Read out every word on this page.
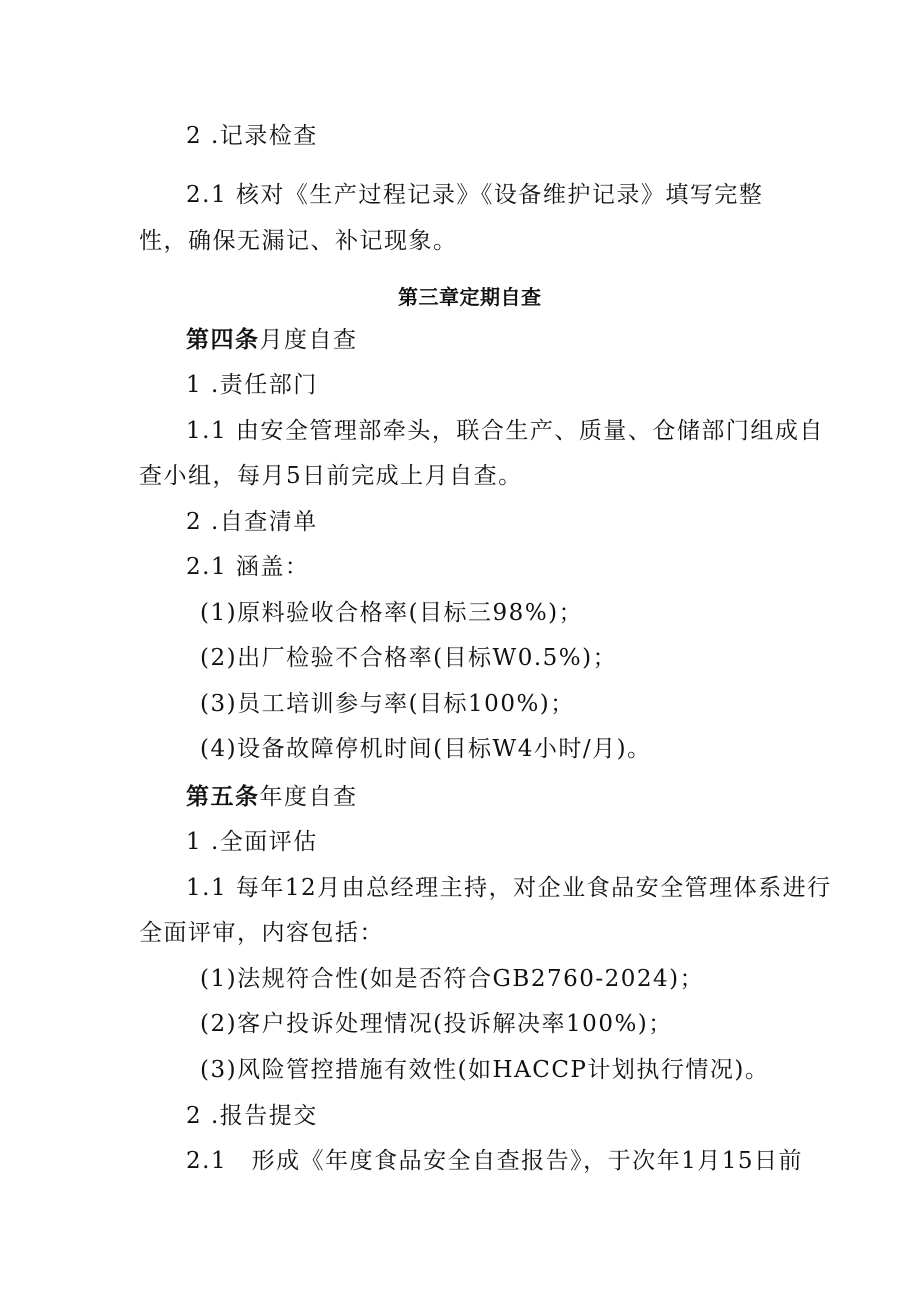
2 .记录检查
2.1 核对《生产过程记录》《设备维护记录》填写完整
性，确保无漏记、补记现象。
第三章定期自查
第四条月度自查
1 .责任部门
1.1 由安全管理部牵头，联合生产、质量、仓储部门组成自
查小组，每月5日前完成上月自查。
2 .自查清单
2.1 涵盖：
(1)原料验收合格率(目标三98%)；
(2)出厂检验不合格率(目标W0.5%)；
(3)员工培训参与率(目标100%)；
(4)设备故障停机时间(目标W4小时/月)。
第五条年度自查
1 .全面评估
1.1 每年12月由总经理主持，对企业食品安全管理体系进行
全面评审，内容包括：
(1)法规符合性(如是否符合GB2760-2024)；
(2)客户投诉处理情况(投诉解决率100%)；
(3)风险管控措施有效性(如HACCP计划执行情况)。
2 .报告提交
2.1　形成《年度食品安全自查报告》，于次年1月15日前
